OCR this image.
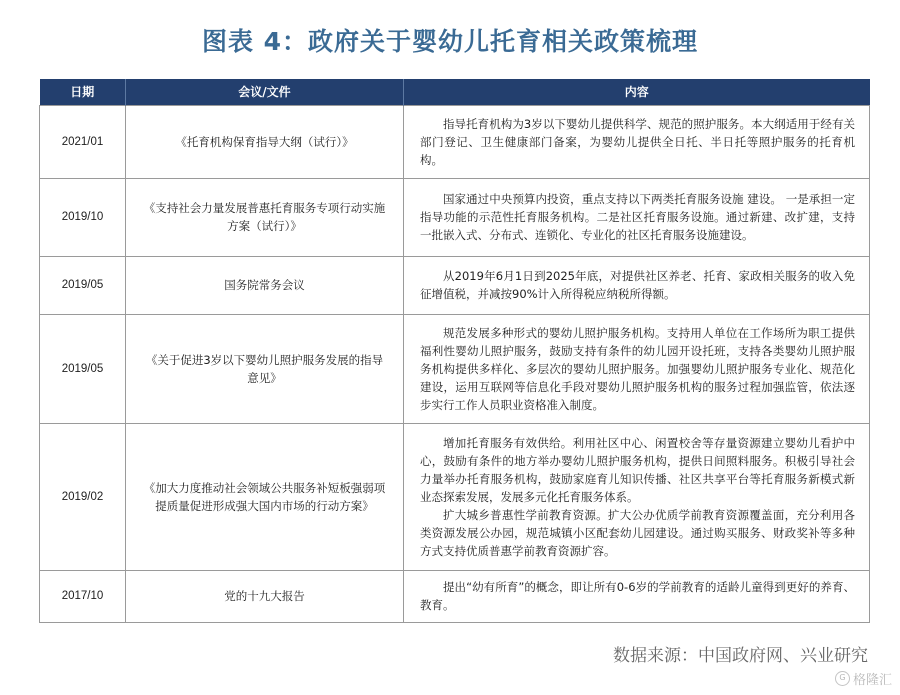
图表 4：政府关于婴幼儿托育相关政策梳理
日期	会议/文件	内容
2021/01	《托育机构保育指导大纲（试行）》	指导托育机构为3岁以下婴幼儿提供科学、规范的照护服务。本大纲适用于经有关部门登记、卫生健康部门备案，为婴幼儿提供全日托、半日托等照护服务的托育机构。

2019/10	《支持社会力量发展普惠托育服务专项行动实施方案（试行）》	国家通过中央预算内投资，重点支持以下两类托育服务设施 建设。 一是承担一定指导功能的示范性托育服务机构。二是社区托育服务设施。通过新建、改扩建，支持一批嵌入式、分布式、连锁化、专业化的社区托育服务设施建设。

2019/05	国务院常务会议	从2019年6月1日到2025年底，对提供社区养老、托育、家政相关服务的收入免征增值税，并减按90%计入所得税应纳税所得额。

2019/05	《关于促进3岁以下婴幼儿照护服务发展的指导意见》	规范发展多种形式的婴幼儿照护服务机构。支持用人单位在工作场所为职工提供福利性婴幼儿照护服务，鼓励支持有条件的幼儿园开设托班，支持各类婴幼儿照护服务机构提供多样化、多层次的婴幼儿照护服务。加强婴幼儿照护服务专业化、规范化建设，运用互联网等信息化手段对婴幼儿照护服务机构的服务过程加强监管，依法逐步实行工作人员职业资格准入制度。

2019/02	《加大力度推动社会领域公共服务补短板强弱项提质量促进形成强大国内市场的行动方案》	增加托育服务有效供给。利用社区中心、闲置校舍等存量资源建立婴幼儿看护中心，鼓励有条件的地方举办婴幼儿照护服务机构，提供日间照料服务。积极引导社会力量举办托育服务机构，鼓励家庭育儿知识传播、社区共享平台等托育服务新模式新业态探索发展，发展多元化托育服务体系。

扩大城乡普惠性学前教育资源。扩大公办优质学前教育资源覆盖面，充分利用各类资源发展公办园，规范城镇小区配套幼儿园建设。通过购买服务、财政奖补等多种方式支持优质普惠学前教育资源扩容。

2017/10	党的十九大报告	提出“幼有所育”的概念，即让所有0-6岁的学前教育的适龄儿童得到更好的养育、教育。

数据来源：中国政府网、兴业研究
G 格隆汇
